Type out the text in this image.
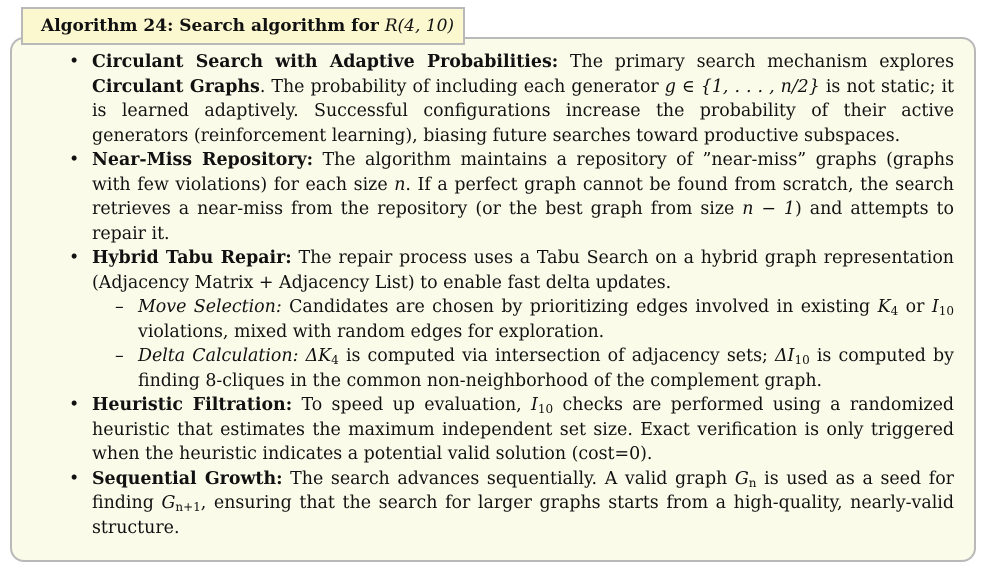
Algorithm 24: Search algorithm for R(4, 10)
• Circulant Search with Adaptive Probabilities: The primary search mechanism explores Circulant Graphs. The probability of including each generator g ∈ {1, . . . , n/2} is not static; it is learned adaptively. Successful configurations increase the probability of their active generators (reinforcement learning), biasing future searches toward productive subspaces.
• Near-Miss Repository: The algorithm maintains a repository of ”near-miss” graphs (graphs with few violations) for each size n. If a perfect graph cannot be found from scratch, the search retrieves a near-miss from the repository (or the best graph from size n − 1) and attempts to repair it.
• Hybrid Tabu Repair: The repair process uses a Tabu Search on a hybrid graph representation (Adjacency Matrix + Adjacency List) to enable fast delta updates.
– Move Selection: Candidates are chosen by prioritizing edges involved in existing $K_4$ or $I_{10}$ violations, mixed with random edges for exploration.
– Delta Calculation: $\Delta K_4$ is computed via intersection of adjacency sets; $\Delta I_{10}$ is computed by finding 8-cliques in the common non-neighborhood of the complement graph.
• Heuristic Filtration: To speed up evaluation, $I_{10}$ checks are performed using a randomized heuristic that estimates the maximum independent set size. Exact verification is only triggered when the heuristic indicates a potential valid solution (cost=0).
• Sequential Growth: The search advances sequentially. A valid graph $G_n$ is used as a seed for finding $G_{n+1}$, ensuring that the search for larger graphs starts from a high-quality, nearly-valid structure.
